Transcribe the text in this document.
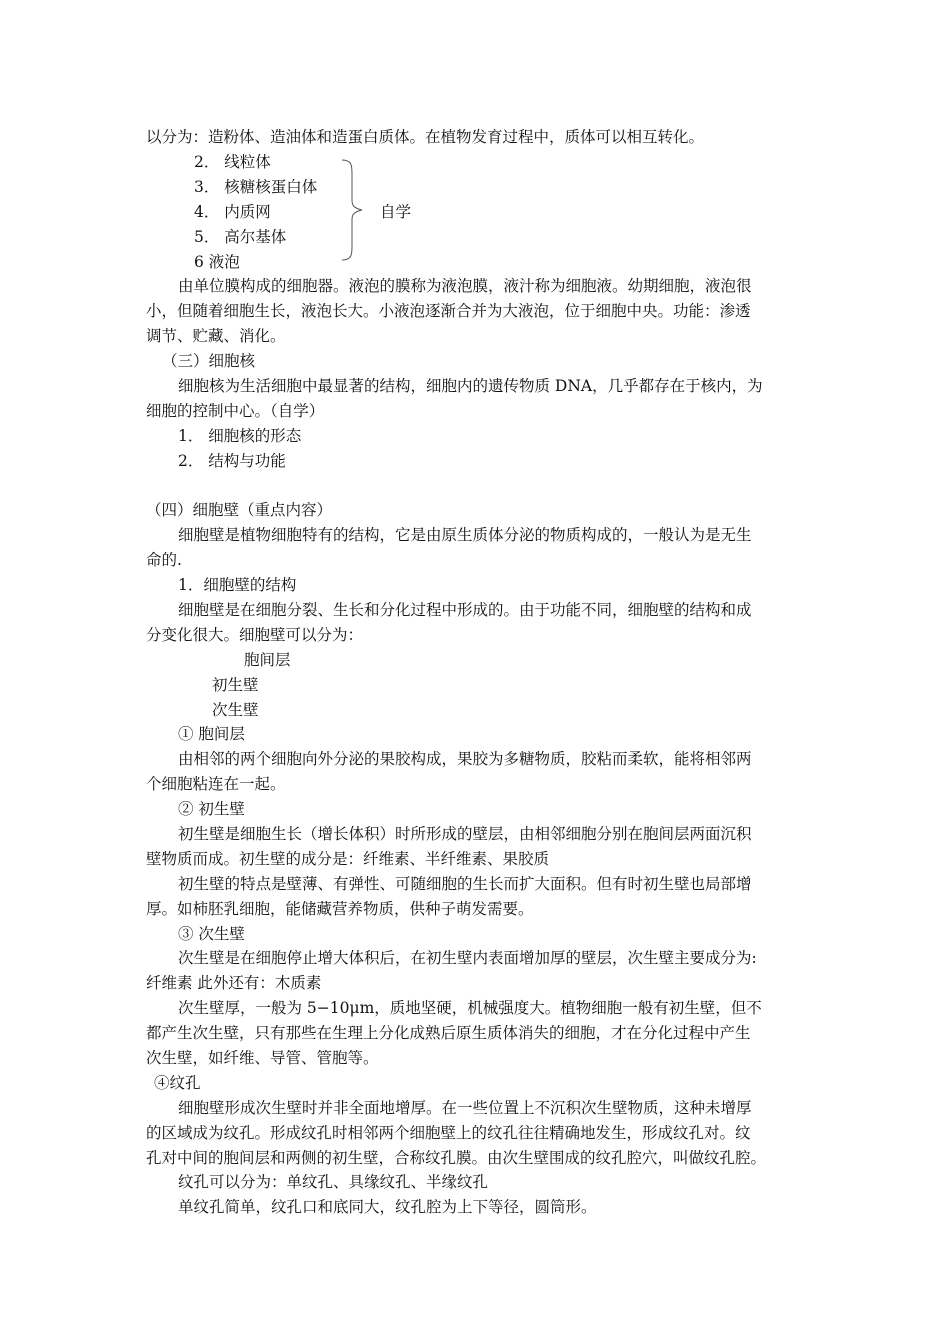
以分为：造粉体、造油体和造蛋白质体。在植物发育过程中，质体可以相互转化。
2． 线粒体
3． 核糖核蛋白体
4． 内质网
5． 高尔基体
自学
6 液泡
由单位膜构成的细胞器。液泡的膜称为液泡膜，液汁称为细胞液。幼期细胞，液泡很
小，但随着细胞生长，液泡长大。小液泡逐渐合并为大液泡，位于细胞中央。功能：渗透
调节、贮藏、消化。
（三）细胞核
细胞核为生活细胞中最显著的结构，细胞内的遗传物质 DNA，几乎都存在于核内，为
细胞的控制中心。（自学）
1． 细胞核的形态
2． 结构与功能
（四）细胞壁（重点内容）
细胞壁是植物细胞特有的结构，它是由原生质体分泌的物质构成的，一般认为是无生
命的.
1．细胞壁的结构
细胞壁是在细胞分裂、生长和分化过程中形成的。由于功能不同，细胞壁的结构和成
分变化很大。细胞壁可以分为：
胞间层
初生壁
次生壁
① 胞间层
由相邻的两个细胞向外分泌的果胶构成，果胶为多糖物质，胶粘而柔软，能将相邻两
个细胞粘连在一起。
② 初生壁
初生壁是细胞生长（增长体积）时所形成的壁层，由相邻细胞分别在胞间层两面沉积
壁物质而成。初生壁的成分是：纤维素、半纤维素、果胶质
初生壁的特点是壁薄、有弹性、可随细胞的生长而扩大面积。但有时初生壁也局部增
厚。如柿胚乳细胞，能储藏营养物质，供种子萌发需要。
③ 次生壁
次生壁是在细胞停止增大体积后，在初生壁内表面增加厚的壁层，次生壁主要成分为:
纤维素 此外还有：木质素
次生壁厚，一般为 5−10μm，质地坚硬，机械强度大。植物细胞一般有初生壁，但不
都产生次生壁，只有那些在生理上分化成熟后原生质体消失的细胞，才在分化过程中产生
次生壁，如纤维、导管、管胞等。
④纹孔
细胞壁形成次生壁时并非全面地增厚。在一些位置上不沉积次生壁物质，这种未增厚
的区域成为纹孔。形成纹孔时相邻两个细胞壁上的纹孔往往精确地发生，形成纹孔对。纹
孔对中间的胞间层和两侧的初生壁，合称纹孔膜。由次生壁围成的纹孔腔穴，叫做纹孔腔。
纹孔可以分为：单纹孔、具缘纹孔、半缘纹孔
单纹孔简单，纹孔口和底同大，纹孔腔为上下等径，圆筒形。
